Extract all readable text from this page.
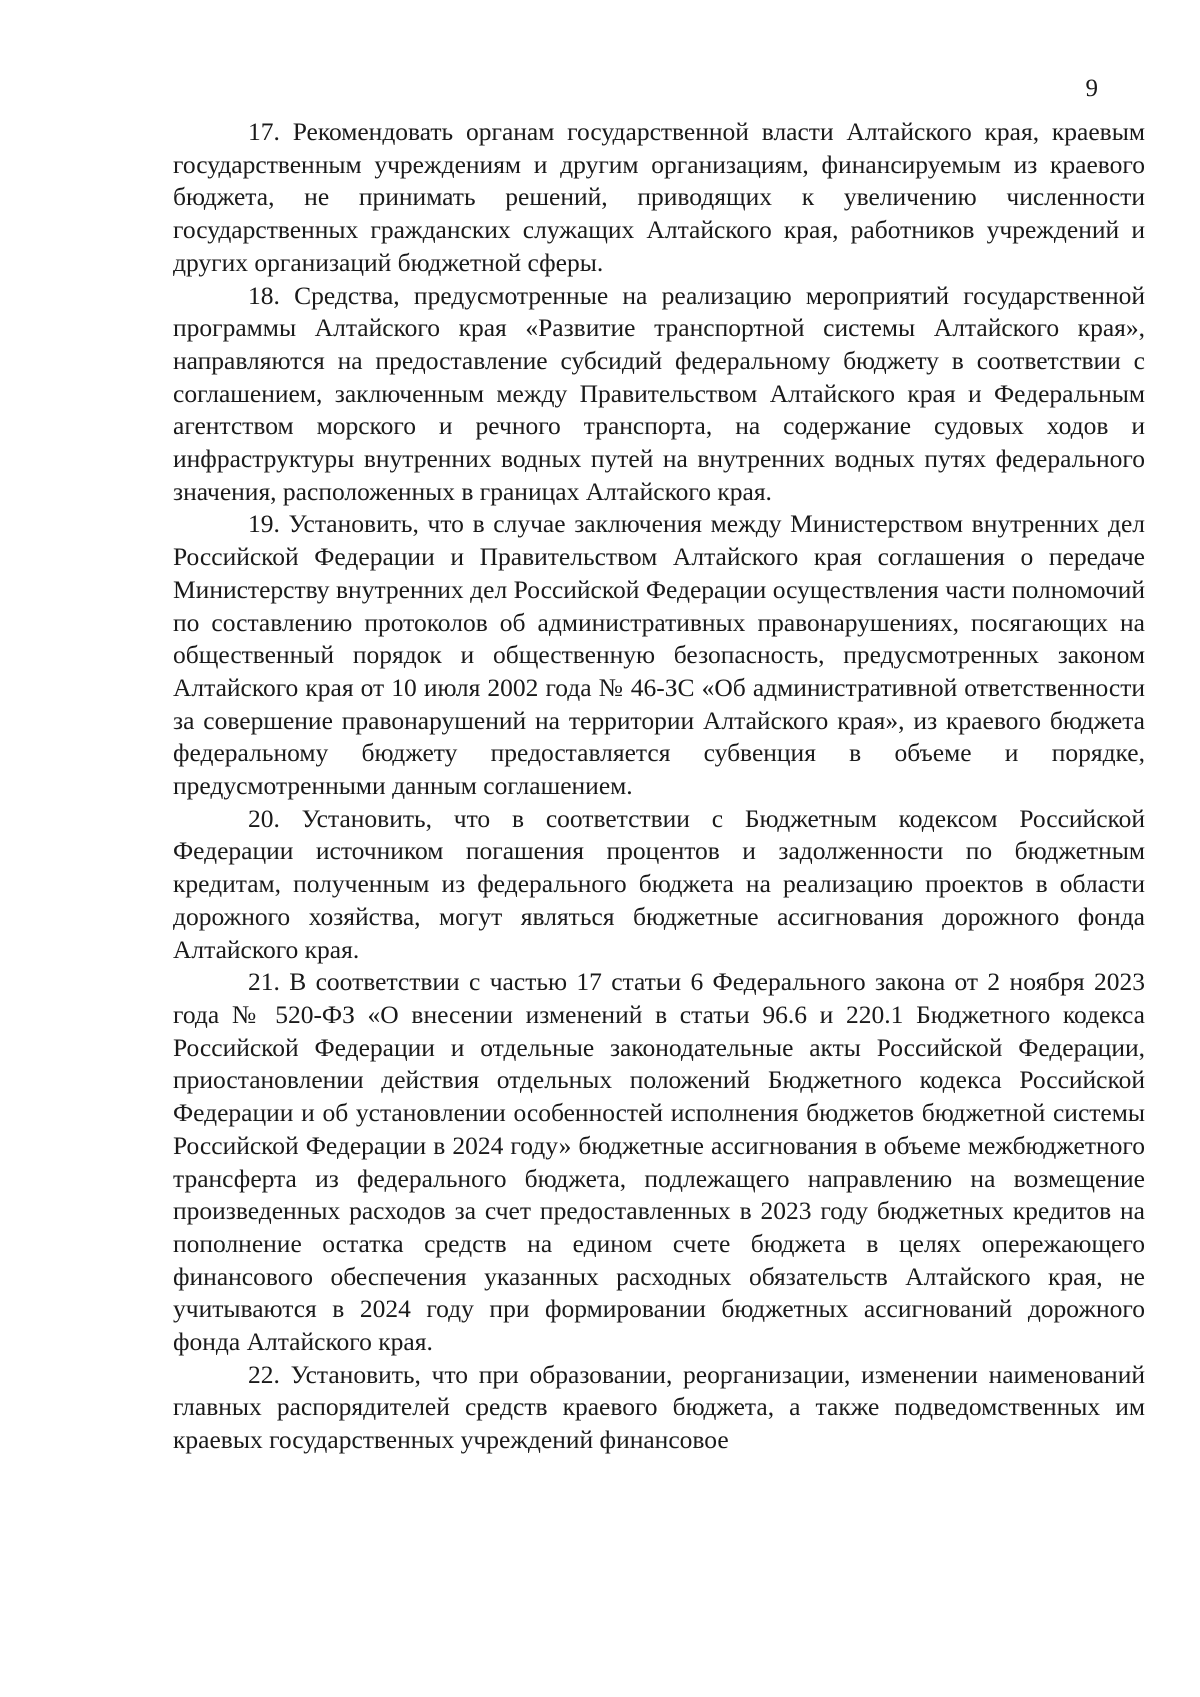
9

17. Рекомендовать органам государственной власти Алтайского края, краевым государственным учреждениям и другим организациям, финансируемым из краевого бюджета, не принимать решений, приводящих к увеличению численности государственных гражданских служащих Алтайского края, работников учреждений и других организаций бюджетной сферы.

18. Средства, предусмотренные на реализацию мероприятий государственной программы Алтайского края «Развитие транспортной системы Алтайского края», направляются на предоставление субсидий федеральному бюджету в соответствии с соглашением, заключенным между Правительством Алтайского края и Федеральным агентством морского и речного транспорта, на содержание судовых ходов и инфраструктуры внутренних водных путей на внутренних водных путях федерального значения, расположенных в границах Алтайского края.

19. Установить, что в случае заключения между Министерством внутренних дел Российской Федерации и Правительством Алтайского края соглашения о передаче Министерству внутренних дел Российской Федерации осуществления части полномочий по составлению протоколов об административных правонарушениях, посягающих на общественный порядок и общественную безопасность, предусмотренных законом Алтайского края от 10 июля 2002 года № 46-ЗС «Об административной ответственности за совершение правонарушений на территории Алтайского края», из краевого бюджета федеральному бюджету предоставляется субвенция в объеме и порядке, предусмотренными данным соглашением.

20. Установить, что в соответствии с Бюджетным кодексом Российской Федерации источником погашения процентов и задолженности по бюджетным кредитам, полученным из федерального бюджета на реализацию проектов в области дорожного хозяйства, могут являться бюджетные ассигнования дорожного фонда Алтайского края.

21. В соответствии с частью 17 статьи 6 Федерального закона от 2 ноября 2023 года № 520-ФЗ «О внесении изменений в статьи 96.6 и 220.1 Бюджетного кодекса Российской Федерации и отдельные законодательные акты Российской Федерации, приостановлении действия отдельных положений Бюджетного кодекса Российской Федерации и об установлении особенностей исполнения бюджетов бюджетной системы Российской Федерации в 2024 году» бюджетные ассигнования в объеме межбюджетного трансферта из федерального бюджета, подлежащего направлению на возмещение произведенных расходов за счет предоставленных в 2023 году бюджетных кредитов на пополнение остатка средств на едином счете бюджета в целях опережающего финансового обеспечения указанных расходных обязательств Алтайского края, не учитываются в 2024 году при формировании бюджетных ассигнований дорожного фонда Алтайского края.

22. Установить, что при образовании, реорганизации, изменении наименований главных распорядителей средств краевого бюджета, а также подведомственных им краевых государственных учреждений финансовое
